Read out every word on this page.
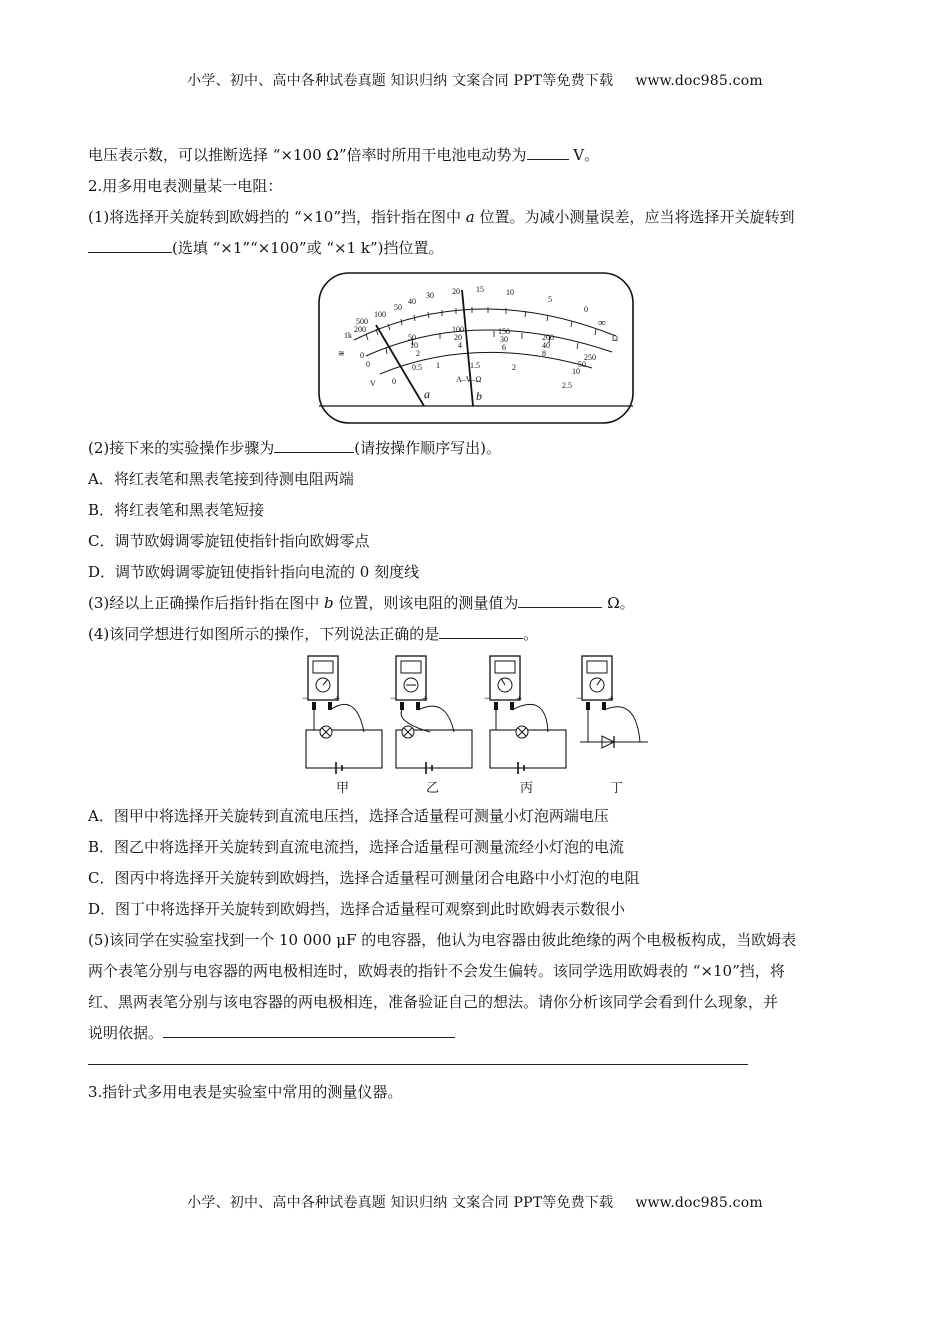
小学、初中、高中各种试卷真题 知识归纳 文案合同 PPT等免费下载 www.doc985.com
电压表示数，可以推断选择 “×100 Ω”倍率时所用干电池电动势为	V。
2.用多用电表测量某一电阻：
(1)将选择开关旋转到欧姆挡的 “×10”挡，指针指在图中 a 位置。为减小测量误差，应当将选择开关旋转到
(选填 “×1”“×100”或 “×1 k”)挡位置。
500
200
1k
100
50
40
30 20 15	10
5
0
∞
Ω
0
50
100	150
200
250
10
20	30
40
50
0
2
4	6
8
10
0
0.5 1	1.5	2
2.5
V	A–V–Ω
≅
a	b
(2)接下来的实验操作步骤为	(请按操作顺序写出)。
A．将红表笔和黑表笔接到待测电阻两端
B．将红表笔和黑表笔短接
C．调节欧姆调零旋钮使指针指向欧姆零点
D．调节欧姆调零旋钮使指针指向电流的 0 刻度线
(3)经以上正确操作后指针指在图中 b 位置，则该电阻的测量值为	Ω。
(4)该同学想进行如图所示的操作，下列说法正确的是	。
− +
甲
− +
乙
− +
丙
− +
丁
A．图甲中将选择开关旋转到直流电压挡，选择合适量程可测量小灯泡两端电压
B．图乙中将选择开关旋转到直流电流挡，选择合适量程可测量流经小灯泡的电流
C．图丙中将选择开关旋转到欧姆挡，选择合适量程可测量闭合电路中小灯泡的电阻
D．图丁中将选择开关旋转到欧姆挡，选择合适量程可观察到此时欧姆表示数很小
(5)该同学在实验室找到一个 10 000 μF 的电容器，他认为电容器由彼此绝缘的两个电极板构成，当欧姆表
两个表笔分别与电容器的两电极相连时，欧姆表的指针不会发生偏转。该同学选用欧姆表的 “×10”挡，将
红、黑两表笔分别与该电容器的两电极相连，准备验证自己的想法。请你分析该同学会看到什么现象，并
说明依据。
3.指针式多用电表是实验室中常用的测量仪器。
小学、初中、高中各种试卷真题 知识归纳 文案合同 PPT等免费下载 www.doc985.com
